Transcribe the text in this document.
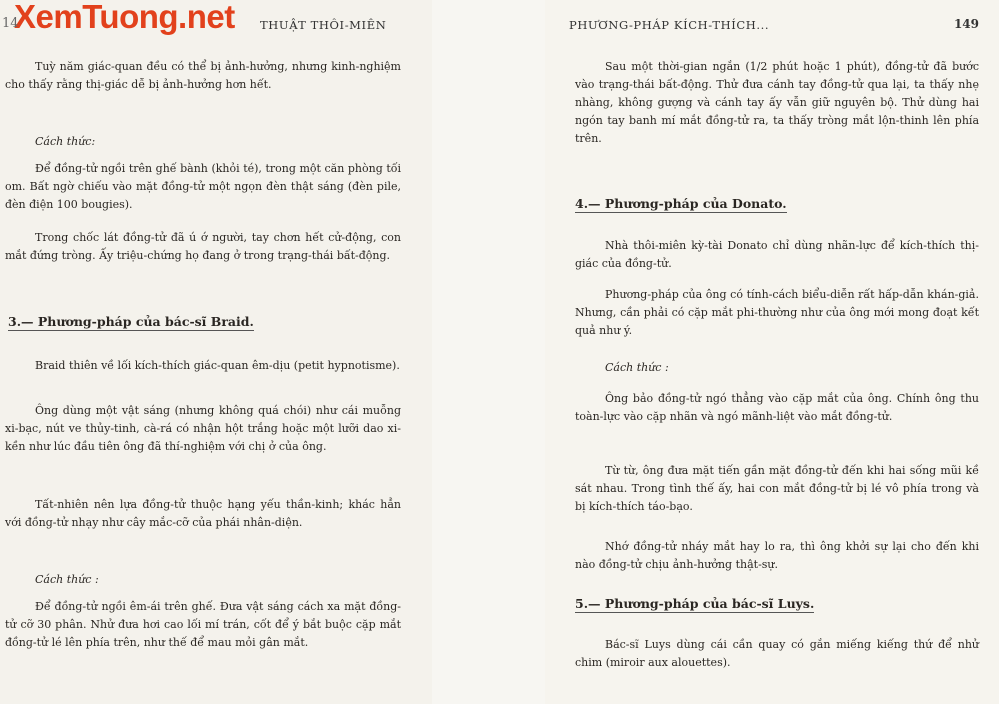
XemTuong.net
14	THUẬT THÔI-MIÊN

Tuỳ năm giác-quan đều có thể bị ảnh-hưởng, nhưng kinh-nghiệm cho thấy rằng thị-giác dễ bị ảnh-hưởng hơn hết.

Cách thức:

Để đồng-tử ngồi trên ghế bành (khỏi té), trong một căn phòng tối om. Bất ngờ chiếu vào mặt đồng-tử một ngọn đèn thật sáng (đèn pile, đèn điện 100 bougies).

Trong chốc lát đồng-tử đã ú ớ người, tay chơn hết cử-động, con mắt đứng tròng. Ấy triệu-chứng họ đang ở trong trạng-thái bất-động.

3.— Phương-pháp của bác-sĩ Braid.

Braid thiên về lối kích-thích giác-quan êm-dịu (petit hypnotisme).

Ông dùng một vật sáng (nhưng không quá chói) như cái muỗng xi-bạc, nút ve thủy-tinh, cà-rá có nhận hột trắng hoặc một lưỡi dao xi-kền như lúc đầu tiên ông đã thí-nghiệm với chị ở của ông.

Tất-nhiên nên lựa đồng-tử thuộc hạng yếu thần-kinh; khác hẳn với đồng-tử nhạy như cây mắc-cỡ của phái nhân-diện.

Cách thức :

Để đồng-tử ngồi êm-ái trên ghế. Đưa vật sáng cách xa mặt đồng-tử cỡ 30 phân. Nhử đưa hơi cao lối mí trán, cốt để ý bắt buộc cặp mắt đồng-tử lé lên phía trên, như thế để mau mỏi gân mắt.

PHƯƠNG-PHÁP KÍCH-THÍCH...	149

Sau một thời-gian ngắn (1/2 phút hoặc 1 phút), đồng-tử đã bước vào trạng-thái bất-động. Thử đưa cánh tay đồng-tử qua lại, ta thấy nhẹ nhàng, không gượng và cánh tay ấy vẫn giữ nguyên bộ. Thử dùng hai ngón tay banh mí mắt đồng-tử ra, ta thấy tròng mắt lộn-thinh lên phía trên.

4.— Phương-pháp của Donato.

Nhà thôi-miên kỳ-tài Donato chỉ dùng nhãn-lực để kích-thích thị-giác của đồng-tử.

Phương-pháp của ông có tính-cách biểu-diễn rất hấp-dẫn khán-giả. Nhưng, cần phải có cặp mắt phi-thường như của ông mới mong đoạt kết quả như ý.

Cách thức :

Ông bảo đồng-tử ngó thẳng vào cặp mắt của ông. Chính ông thu toàn-lực vào cặp nhãn và ngó mãnh-liệt vào mắt đồng-tử.

Từ từ, ông đưa mặt tiến gần mặt đồng-tử đến khi hai sống mũi kề sát nhau. Trong tình thế ấy, hai con mắt đồng-tử bị lé vô phía trong và bị kích-thích táo-bạo.

Nhớ đồng-tử nháy mắt hay lo ra, thì ông khởi sự lại cho đến khi nào đồng-tử chịu ảnh-hưởng thật-sự.

5.— Phương-pháp của bác-sĩ Luys.

Bác-sĩ Luys dùng cái cần quay có gắn miếng kiếng thứ để nhử chim (miroir aux alouettes).
